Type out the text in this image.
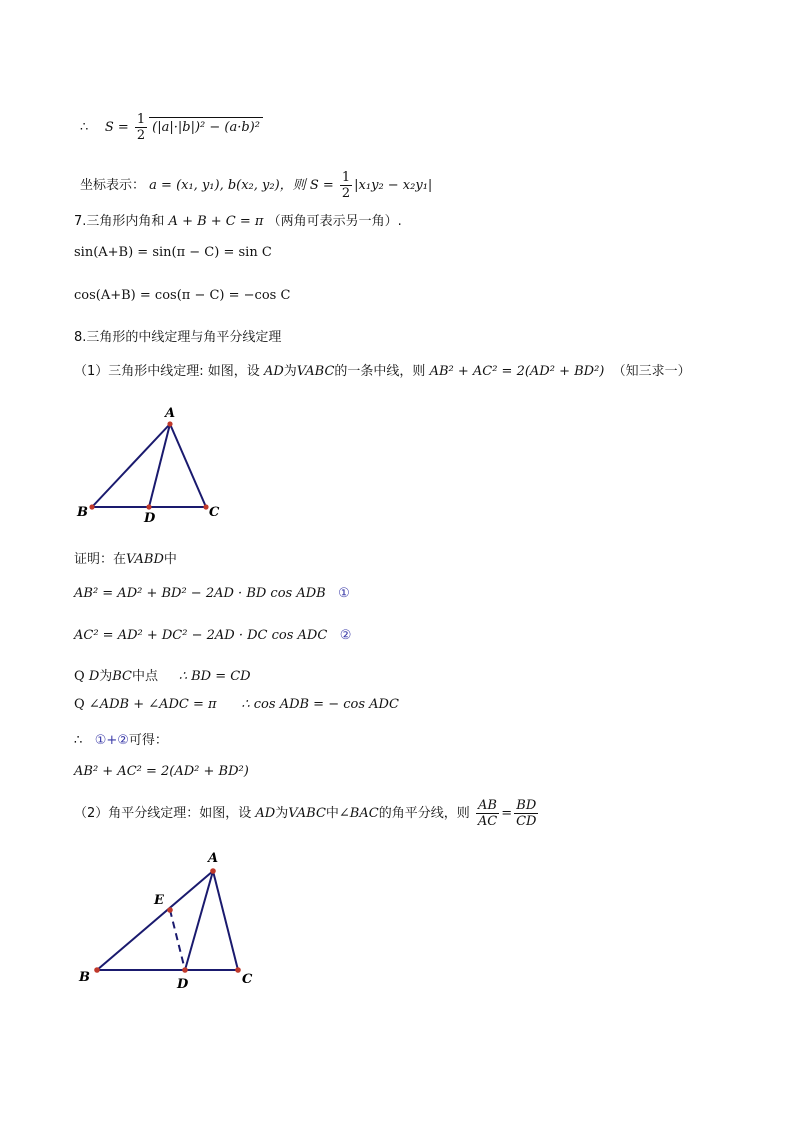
∴ $S = \frac{1}{2} (|a|\cdot|b|)^2 - (a\cdot b)^2$
坐标表示： a = (x₁, y₁), b(x₂, y₂)，则 $S = \frac{1}{2} |x_1y_2 - x_2y_1|$
7.三角形内角和 A + B + C = π （两角可表示另一角）.
sin(A+B) = sin(π − C) = sin C
cos(A+B) = cos(π − C) = −cos C
8.三角形的中线定理与角平分线定理
（1）三角形中线定理: 如图，设 AD为VABC的一条中线，则 AB² + AC² = 2(AD² + BD²) （知三求一）
A
B	D	C
证明：在VABD中
AB² = AD² + BD² − 2AD · BD cos ADB ①
AC² = AD² + DC² − 2AD · DC cos ADC ②
Q D为BC中点 ∴ BD = CD
Q ∠ADB + ∠ADC = π ∴ cos ADB = − cos ADC
∴ ①+②可得：
AB² + AC² = 2(AD² + BD²)
（2）角平分线定理：如图，设 AD为VABC中∠BAC的角平分线，则 $\frac{AB}{AC} = \frac{BD}{CD}$
A
E
B	D	C
